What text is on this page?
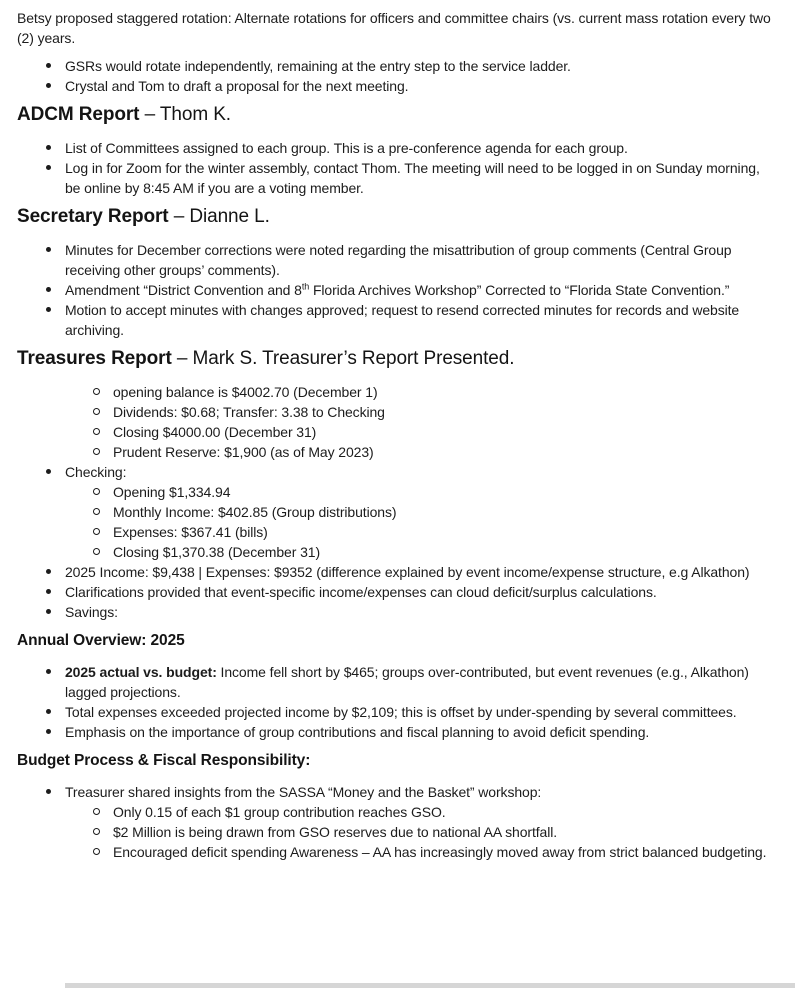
Betsy proposed staggered rotation: Alternate rotations for officers and committee chairs (vs. current mass rotation every two (2) years.

GSRs would rotate independently, remaining at the entry step to the service ladder.
Crystal and Tom to draft a proposal for the next meeting.
ADCM Report – Thom K.
List of Committees assigned to each group. This is a pre-conference agenda for each group.
Log in for Zoom for the winter assembly, contact Thom. The meeting will need to be logged in on Sunday morning, be online by 8:45 AM if you are a voting member.
Secretary Report – Dianne L.
Minutes for December corrections were noted regarding the misattribution of group comments (Central Group receiving other groups’ comments).
Amendment “District Convention and 8th Florida Archives Workshop” Corrected to “Florida State Convention.”
Motion to accept minutes with changes approved; request to resend corrected minutes for records and website archiving.
Treasures Report – Mark S. Treasurer’s Report Presented.
opening balance is $4002.70 (December 1)
Dividends: $0.68; Transfer: 3.38 to Checking
Closing $4000.00 (December 31)
Prudent Reserve: $1,900 (as of May 2023)
Checking:
Opening $1,334.94
Monthly Income: $402.85 (Group distributions)
Expenses: $367.41 (bills)
Closing $1,370.38 (December 31)
2025 Income: $9,438 | Expenses: $9352 (difference explained by event income/expense structure, e.g Alkathon)
Clarifications provided that event-specific income/expenses can cloud deficit/surplus calculations.
Savings:
Annual Overview: 2025
2025 actual vs. budget: Income fell short by $465; groups over-contributed, but event revenues (e.g., Alkathon) lagged projections.
Total expenses exceeded projected income by $2,109; this is offset by under-spending by several committees.
Emphasis on the importance of group contributions and fiscal planning to avoid deficit spending.
Budget Process & Fiscal Responsibility:
Treasurer shared insights from the SASSA “Money and the Basket” workshop:
Only 0.15 of each $1 group contribution reaches GSO.
$2 Million is being drawn from GSO reserves due to national AA shortfall.
Encouraged deficit spending Awareness – AA has increasingly moved away from strict balanced budgeting.
